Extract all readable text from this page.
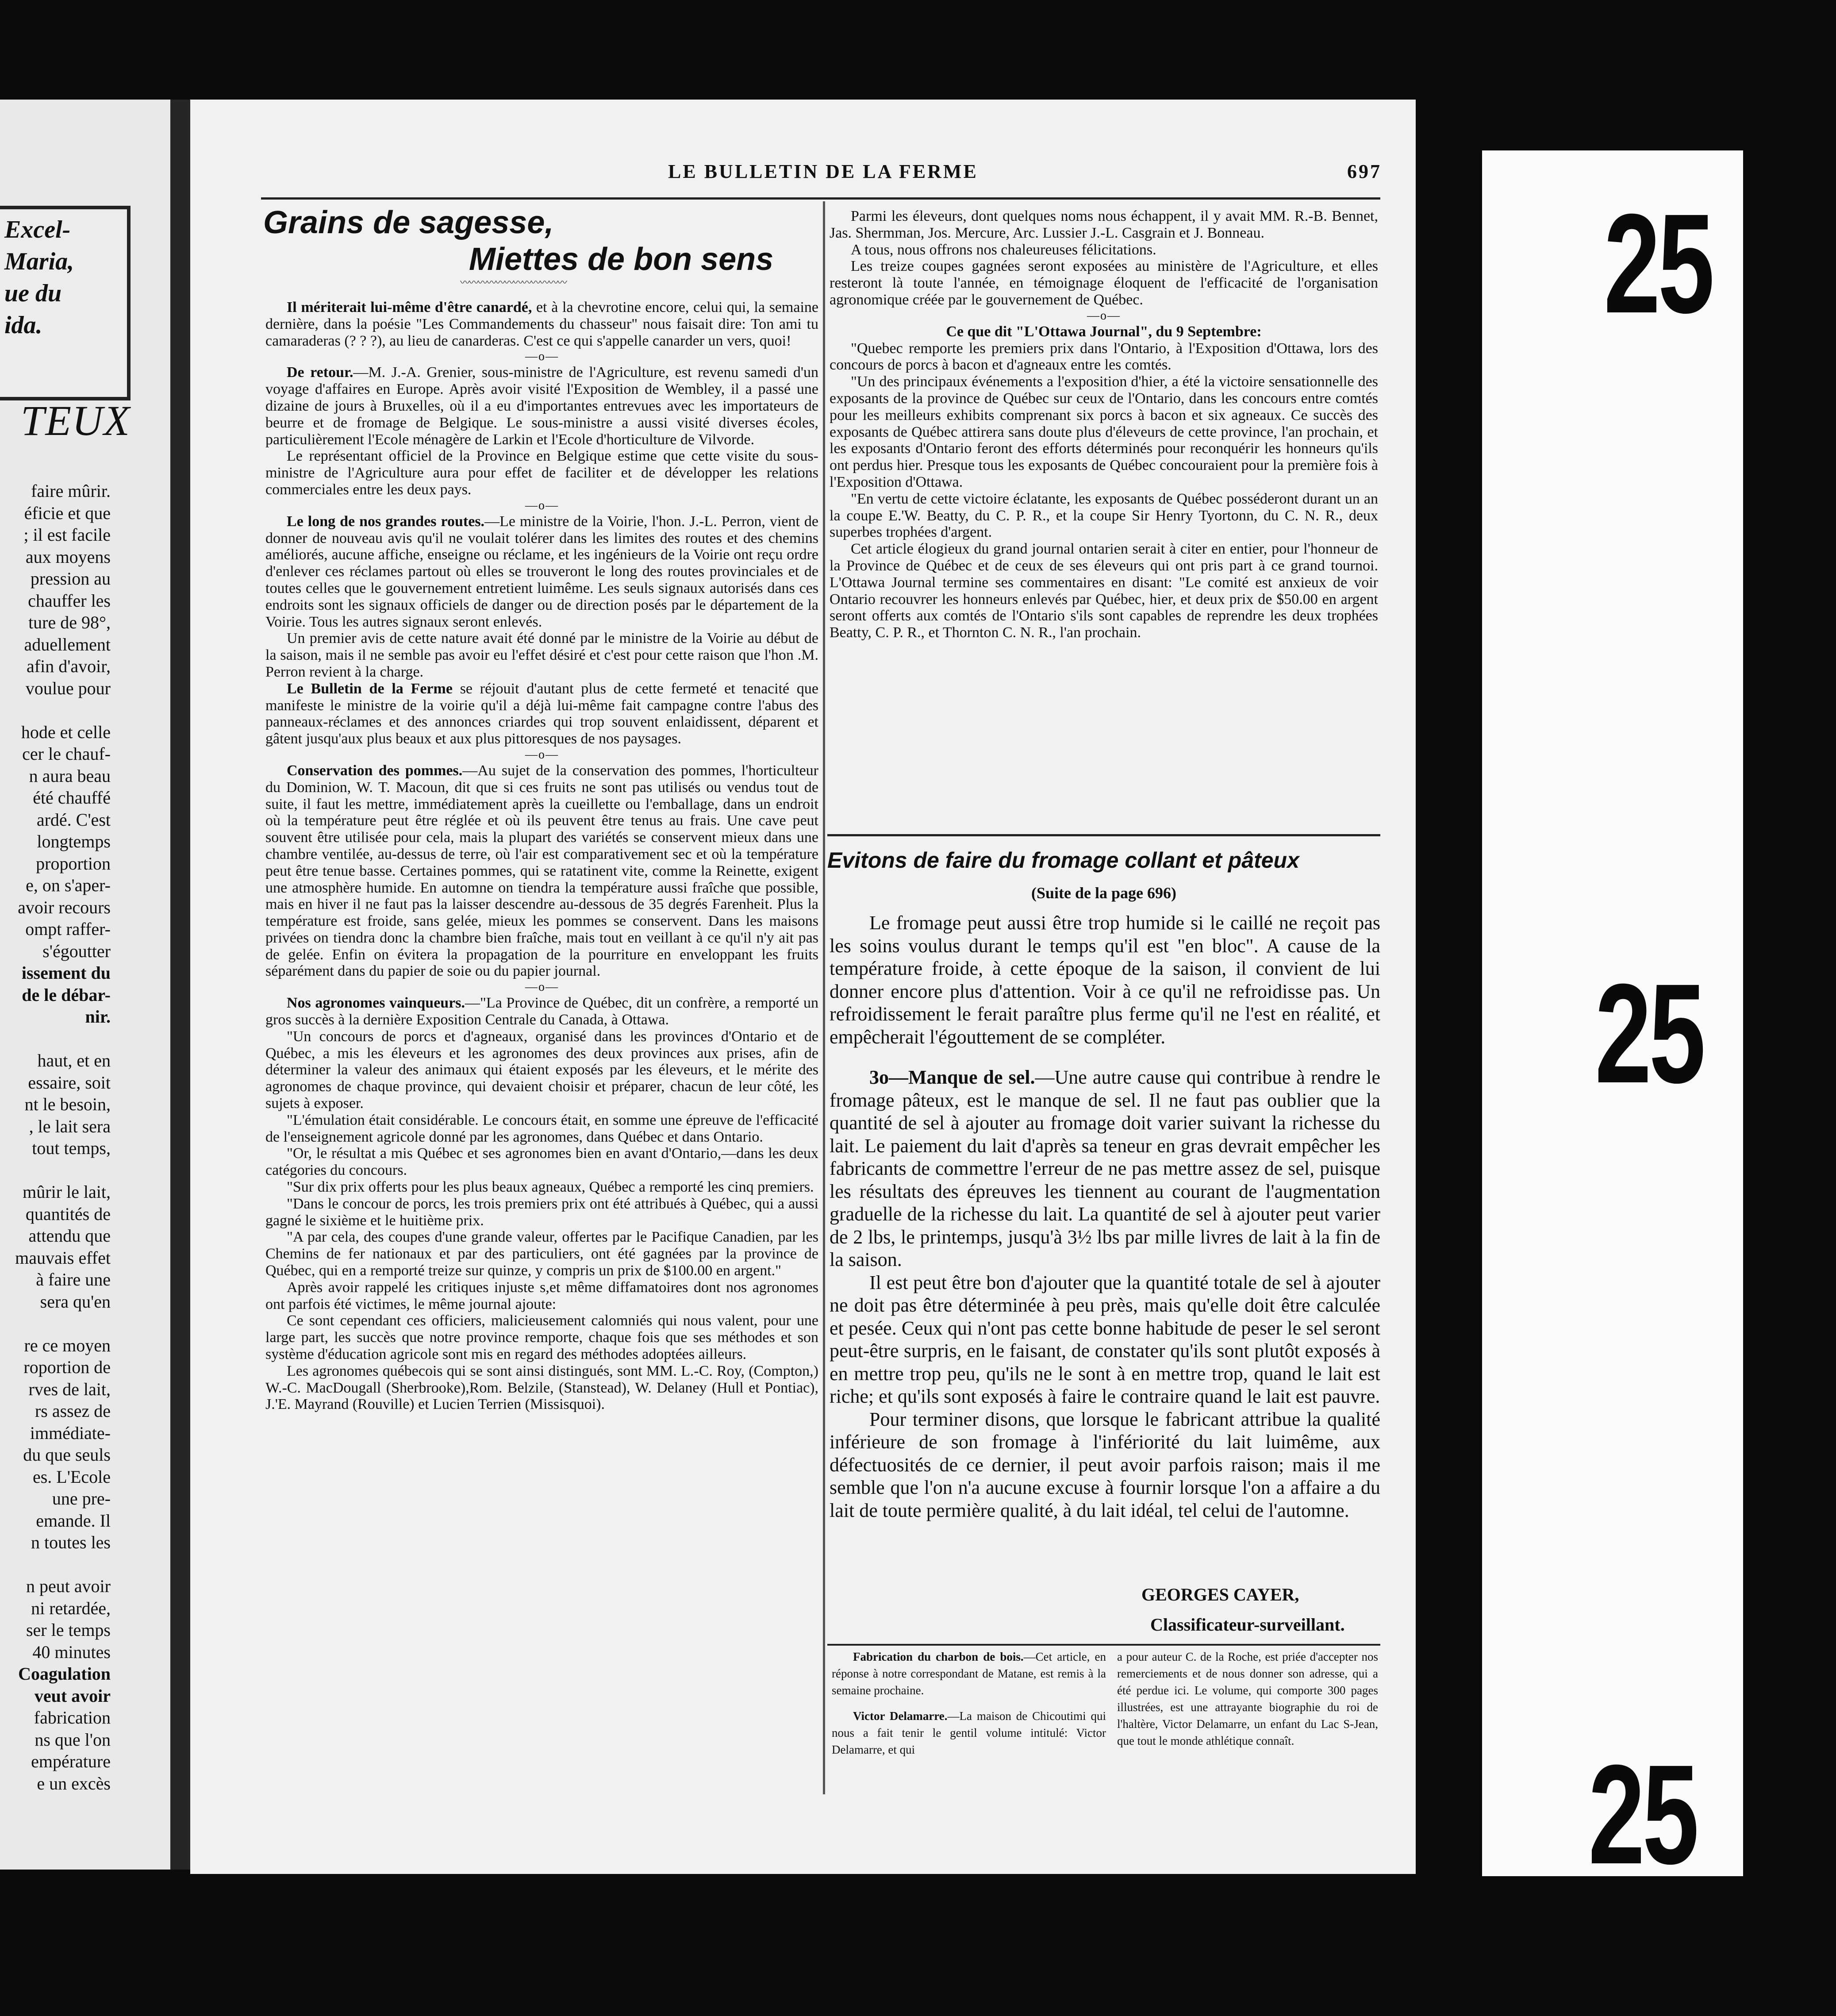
25
25
25
Excel-
Maria,
ue du
ida.
TEUX
faire mûrir.
éficie et que
; il est facile
aux moyens
pression au
chauffer les
ture de 98°,
aduellement
afin d'avoir,
voulue pour
hode et celle
cer le chauf-
n aura beau
été chauffé
ardé. C'est
longtemps
proportion
e, on s'aper-
avoir recours
ompt raffer-
s'égoutter
issement du
de le débar-
nir.
haut, et en
essaire, soit
nt le besoin,
, le lait sera
tout temps,
mûrir le lait,
quantités de
attendu que
mauvais effet
à faire une
sera qu'en
re ce moyen
roportion de
rves de lait,
rs assez de
immédiate-
du que seuls
es. L'Ecole
une pre-
emande. Il
n toutes les
n peut avoir
ni retardée,
ser le temps
40 minutes
Coagulation
veut avoir
fabrication
ns que l'on
empérature
e un excès
LE BULLETIN DE LA FERME	697
Grains de sagesse,
Miettes de bon sens
〰〰〰〰〰〰〰〰〰〰〰〰

Il mériterait lui-même d'être canardé, et à la chevrotine encore, celui qui, la semaine dernière, dans la poésie "Les Commandements du chasseur" nous faisait dire: Ton ami tu camaraderas (? ? ?), au lieu de canarderas. C'est ce qui s'appelle canarder un vers, quoi!

—o—

De retour.—M. J.-A. Grenier, sous-ministre de l'Agriculture, est revenu samedi d'un voyage d'affaires en Europe. Après avoir visité l'Exposition de Wembley, il a passé une dizaine de jours à Bruxelles, où il a eu d'importantes entrevues avec les importateurs de beurre et de fromage de Belgique. Le sous-ministre a aussi visité diverses écoles, particulièrement l'Ecole ménagère de Larkin et l'Ecole d'horticulture de Vilvorde.

Le représentant officiel de la Province en Belgique estime que cette visite du sous-ministre de l'Agriculture aura pour effet de faciliter et de développer les relations commerciales entre les deux pays.

—o—

Le long de nos grandes routes.—Le ministre de la Voirie, l'hon. J.-L. Perron, vient de donner de nouveau avis qu'il ne voulait tolérer dans les limites des routes et des chemins améliorés, aucune affiche, enseigne ou réclame, et les ingénieurs de la Voirie ont reçu ordre d'enlever ces réclames partout où elles se trouveront le long des routes provinciales et de toutes celles que le gouvernement entretient luimême. Les seuls signaux autorisés dans ces endroits sont les signaux officiels de danger ou de direction posés par le département de la Voirie. Tous les autres signaux seront enlevés.

Un premier avis de cette nature avait été donné par le ministre de la Voirie au début de la saison, mais il ne semble pas avoir eu l'effet désiré et c'est pour cette raison que l'hon .M. Perron revient à la charge.

Le Bulletin de la Ferme se réjouit d'autant plus de cette fermeté et tenacité que manifeste le ministre de la voirie qu'il a déjà lui-même fait campagne contre l'abus des panneaux-réclames et des annonces criardes qui trop souvent enlaidissent, déparent et gâtent jusqu'aux plus beaux et aux plus pittoresques de nos paysages.

—o—

Conservation des pommes.—Au sujet de la conservation des pommes, l'horticulteur du Dominion, W. T. Macoun, dit que si ces fruits ne sont pas utilisés ou vendus tout de suite, il faut les mettre, immédiatement après la cueillette ou l'emballage, dans un endroit où la température peut être réglée et où ils peuvent être tenus au frais. Une cave peut souvent être utilisée pour cela, mais la plupart des variétés se conservent mieux dans une chambre ventilée, au-dessus de terre, où l'air est comparativement sec et où la température peut être tenue basse. Certaines pommes, qui se ratatinent vite, comme la Reinette, exigent une atmosphère humide. En automne on tiendra la température aussi fraîche que possible, mais en hiver il ne faut pas la laisser descendre au-dessous de 35 degrés Farenheit. Plus la température est froide, sans gelée, mieux les pommes se conservent. Dans les maisons privées on tiendra donc la chambre bien fraîche, mais tout en veillant à ce qu'il n'y ait pas de gelée. Enfin on évitera la propagation de la pourriture en enveloppant les fruits séparément dans du papier de soie ou du papier journal.

—o—

Nos agronomes vainqueurs.—"La Province de Québec, dit un confrère, a remporté un gros succès à la dernière Exposition Centrale du Canada, à Ottawa.

"Un concours de porcs et d'agneaux, organisé dans les provinces d'Ontario et de Québec, a mis les éleveurs et les agronomes des deux provinces aux prises, afin de déterminer la valeur des animaux qui étaient exposés par les éleveurs, et le mérite des agronomes de chaque province, qui devaient choisir et préparer, chacun de leur côté, les sujets à exposer.

"L'émulation était considérable. Le concours était, en somme une épreuve de l'efficacité de l'enseignement agricole donné par les agronomes, dans Québec et dans Ontario.

"Or, le résultat a mis Québec et ses agronomes bien en avant d'Ontario,—dans les deux catégories du concours.

"Sur dix prix offerts pour les plus beaux agneaux, Québec a remporté les cinq premiers.

"Dans le concour de porcs, les trois premiers prix ont été attribués à Québec, qui a aussi gagné le sixième et le huitième prix.

"A par cela, des coupes d'une grande valeur, offertes par le Pacifique Canadien, par les Chemins de fer nationaux et par des particuliers, ont été gagnées par la province de Québec, qui en a remporté treize sur quinze, y compris un prix de $100.00 en argent."

Après avoir rappelé les critiques injuste s,et même diffamatoires dont nos agronomes ont parfois été victimes, le même journal ajoute:

Ce sont cependant ces officiers, malicieusement calomniés qui nous valent, pour une large part, les succès que notre province remporte, chaque fois que ses méthodes et son système d'éducation agricole sont mis en regard des méthodes adoptées ailleurs.

Les agronomes québecois qui se sont ainsi distingués, sont MM. L.-C. Roy, (Compton,) W.-C. MacDougall (Sherbrooke),Rom. Belzile, (Stanstead), W. Delaney (Hull et Pontiac), J.'E. Mayrand (Rouville) et Lucien Terrien (Missisquoi).

Parmi les éleveurs, dont quelques noms nous échappent, il y avait MM. R.-B. Bennet, Jas. Shermman, Jos. Mercure, Arc. Lussier J.-L. Casgrain et J. Bonneau.

A tous, nous offrons nos chaleureuses félicitations.

Les treize coupes gagnées seront exposées au ministère de l'Agriculture, et elles resteront là toute l'année, en témoignage éloquent de l'efficacité de l'organisation agronomique créée par le gouvernement de Québec.

—o—

Ce que dit "L'Ottawa Journal", du 9 Septembre:

"Quebec remporte les premiers prix dans l'Ontario, à l'Exposition d'Ottawa, lors des concours de porcs à bacon et d'agneaux entre les comtés.

"Un des principaux événements a l'exposition d'hier, a été la victoire sensationnelle des exposants de la province de Québec sur ceux de l'Ontario, dans les concours entre comtés pour les meilleurs exhibits comprenant six porcs à bacon et six agneaux. Ce succès des exposants de Québec attirera sans doute plus d'éleveurs de cette province, l'an prochain, et les exposants d'Ontario feront des efforts déterminés pour reconquérir les honneurs qu'ils ont perdus hier. Presque tous les exposants de Québec concouraient pour la première fois à l'Exposition d'Ottawa.

"En vertu de cette victoire éclatante, les exposants de Québec posséderont durant un an la coupe E.'W. Beatty, du C. P. R., et la coupe Sir Henry Tyortonn, du C. N. R., deux superbes trophées d'argent.

Cet article élogieux du grand journal ontarien serait à citer en entier, pour l'honneur de la Province de Québec et de ceux de ses éleveurs qui ont pris part à ce grand tournoi. L'Ottawa Journal termine ses commentaires en disant: "Le comité est anxieux de voir Ontario recouvrer les honneurs enlevés par Québec, hier, et deux prix de $50.00 en argent seront offerts aux comtés de l'Ontario s'ils sont capables de reprendre les deux trophées Beatty, C. P. R., et Thornton C. N. R., l'an prochain.

Evitons de faire du fromage collant et pâteux
(Suite de la page 696)

Le fromage peut aussi être trop humide si le caillé ne reçoit pas les soins voulus durant le temps qu'il est "en bloc". A cause de la température froide, à cette époque de la saison, il convient de lui donner encore plus d'attention. Voir à ce qu'il ne refroidisse pas. Un refroidissement le ferait paraître plus ferme qu'il ne l'est en réalité, et empêcherait l'égouttement de se compléter.

3o—Manque de sel.—Une autre cause qui contribue à rendre le fromage pâteux, est le manque de sel. Il ne faut pas oublier que la quantité de sel à ajouter au fromage doit varier suivant la richesse du lait. Le paiement du lait d'après sa teneur en gras devrait empêcher les fabricants de commettre l'erreur de ne pas mettre assez de sel, puisque les résultats des épreuves les tiennent au courant de l'augmentation graduelle de la richesse du lait. La quantité de sel à ajouter peut varier de 2 lbs, le printemps, jusqu'à 3½ lbs par mille livres de lait à la fin de la saison.

Il est peut être bon d'ajouter que la quantité totale de sel à ajouter ne doit pas être déterminée à peu près, mais qu'elle doit être calculée et pesée. Ceux qui n'ont pas cette bonne habitude de peser le sel seront peut-être surpris, en le faisant, de constater qu'ils sont plutôt exposés à en mettre trop peu, qu'ils ne le sont à en mettre trop, quand le lait est riche; et qu'ils sont exposés à faire le contraire quand le lait est pauvre.

Pour terminer disons, que lorsque le fabricant attribue la qualité inférieure de son fromage à l'infériorité du lait luimême, aux défectuosités de ce dernier, il peut avoir parfois raison; mais il me semble que l'on n'a aucune excuse à fournir lorsque l'on a affaire a du lait de toute permière qualité, à du lait idéal, tel celui de l'automne.

GEORGES CAYER,
Classificateur-surveillant.

Fabrication du charbon de bois.—Cet article, en réponse à notre correspondant de Matane, est remis à la semaine prochaine.

Victor Delamarre.—La maison de Chicoutimi qui nous a fait tenir le gentil volume intitulé: Victor Delamarre, et qui

a pour auteur C. de la Roche, est priée d'accepter nos remerciements et de nous donner son adresse, qui a été perdue ici. Le volume, qui comporte 300 pages illustrées, est une attrayante biographie du roi de l'haltère, Victor Delamarre, un enfant du Lac S-Jean, que tout le monde athlétique connaît.
